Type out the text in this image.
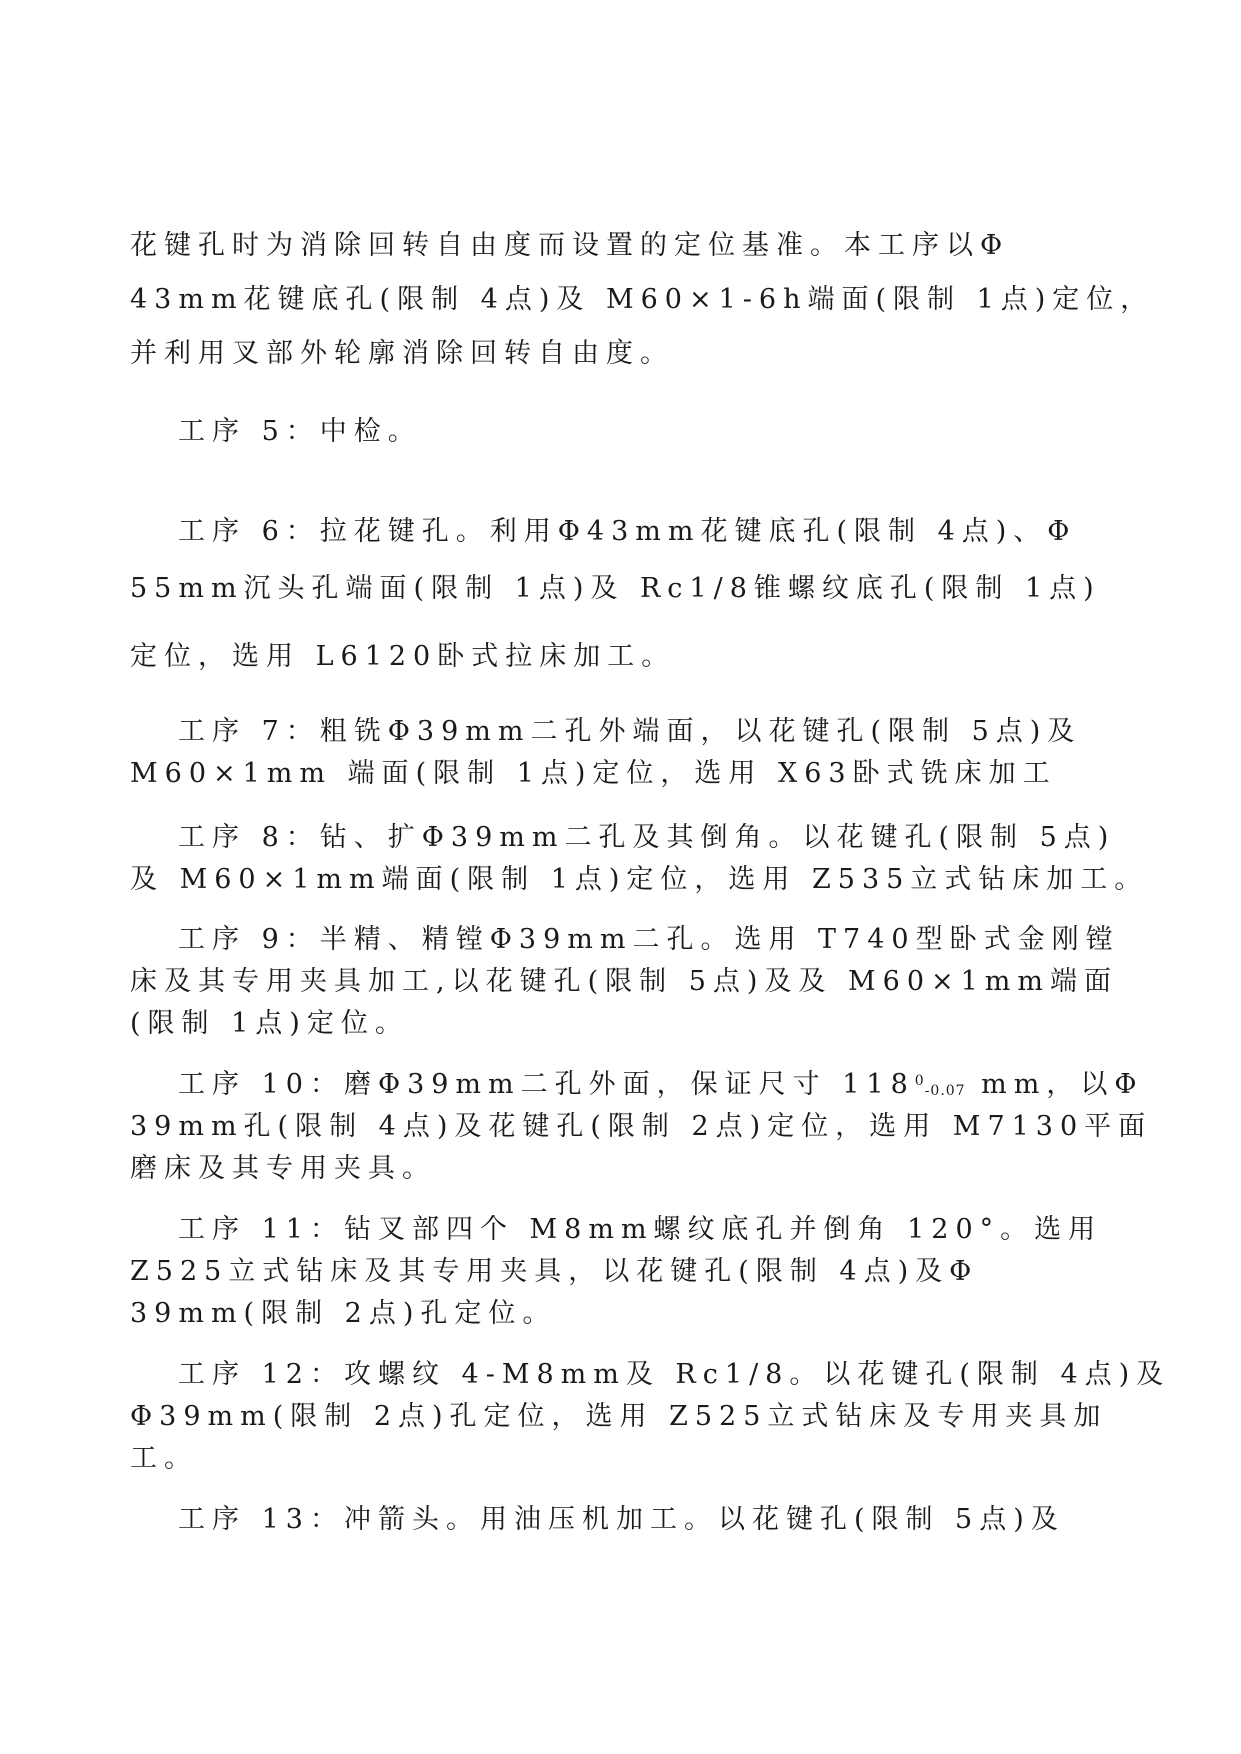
花键孔时为消除回转自由度而设置的定位基准。本工序以Φ

43mm花键底孔(限制 4点)及 M60×1-6h端面(限制 1点)定位，

并利用叉部外轮廓消除回转自由度。

工序 5：中检。

工序 6：拉花键孔。利用Φ43mm花键底孔(限制 4点)、Φ

55mm沉头孔端面(限制 1点)及 Rc1/8锥螺纹底孔(限制 1点)

定位，选用 L6120卧式拉床加工。

工序 7：粗铣Φ39mm二孔外端面，以花键孔(限制 5点)及

M60×1mm 端面(限制 1点)定位，选用 X63卧式铣床加工

工序 8：钻、扩Φ39mm二孔及其倒角。以花键孔(限制 5点)

及 M60×1mm端面(限制 1点)定位，选用 Z535立式钻床加工。

工序 9：半精、精镗Φ39mm二孔。选用 T740型卧式金刚镗

床及其专用夹具加工,以花键孔(限制 5点)及及 M60×1mm端面

(限制 1点)定位。

工序 10：磨Φ39mm二孔外面，保证尺寸 $118^0_{-0.07}$ mm，以Φ

39mm孔(限制 4点)及花键孔(限制 2点)定位，选用 M7130平面

磨床及其专用夹具。

工序 11：钻叉部四个 M8mm螺纹底孔并倒角 120°。选用

Z525立式钻床及其专用夹具，以花键孔(限制 4点)及Φ

39mm(限制 2点)孔定位。

工序 12：攻螺纹 4-M8mm及 Rc1/8。以花键孔(限制 4点)及

Φ39mm(限制 2点)孔定位，选用 Z525立式钻床及专用夹具加

工。

工序 13：冲箭头。用油压机加工。以花键孔(限制 5点)及
